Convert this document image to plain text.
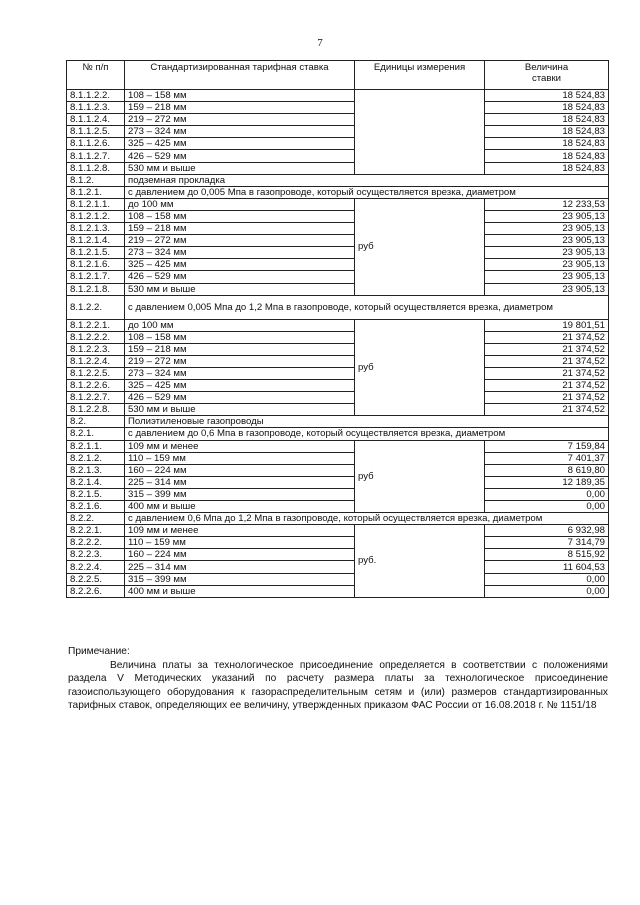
7
№ п/п	Стандартизированная тарифная ставка	Единицы измерения	Величина ставки
8.1.1.2.2.	108 – 158 мм		18 524,83
8.1.1.2.3.	159 – 218 мм		18 524,83
8.1.1.2.4.	219 – 272 мм		18 524,83
8.1.1.2.5.	273 – 324 мм		18 524,83
8.1.1.2.6.	325 – 425 мм		18 524,83
8.1.1.2.7.	426 – 529 мм		18 524,83
8.1.1.2.8.	530 мм и выше		18 524,83
8.1.2.	подземная прокладка		
8.1.2.1.	с давлением до 0,005 Мпа в газопроводе, который осуществляется врезка, диаметром		
8.1.2.1.1.	до 100 мм	руб	12 233,53
8.1.2.1.2.	108 – 158 мм		23 905,13
8.1.2.1.3.	159 – 218 мм		23 905,13
8.1.2.1.4.	219 – 272 мм		23 905,13
8.1.2.1.5.	273 – 324 мм		23 905,13
8.1.2.1.6.	325 – 425 мм		23 905,13
8.1.2.1.7.	426 – 529 мм		23 905,13
8.1.2.1.8.	530 мм и выше		23 905,13
8.1.2.2.	с давлением 0,005 Мпа до 1,2 Мпа в газопроводе, который осуществляется врезка, диаметром		
8.1.2.2.1.	до 100 мм	руб	19 801,51
8.1.2.2.2.	108 – 158 мм		21 374,52
8.1.2.2.3.	159 – 218 мм		21 374,52
8.1.2.2.4.	219 – 272 мм		21 374,52
8.1.2.2.5.	273 – 324 мм		21 374,52
8.1.2.2.6.	325 – 425 мм		21 374,52
8.1.2.2.7.	426 – 529 мм		21 374,52
8.1.2.2.8.	530 мм и выше		21 374,52
8.2.	Полиэтиленовые газопроводы		
8.2.1.	с давлением до 0,6 Мпа в газопроводе, который осуществляется врезка, диаметром		
8.2.1.1.	109 мм и менее	руб	7 159,84
8.2.1.2.	110 – 159 мм		7 401,37
8.2.1.3.	160 – 224 мм		8 619,80
8.2.1.4.	225 – 314 мм		12 189,35
8.2.1.5.	315 – 399 мм		0,00
8.2.1.6.	400 мм и выше		0,00
8.2.2.	с давлением 0,6 Мпа до 1,2 Мпа в газопроводе, который осуществляется врезка, диаметром		
8.2.2.1.	109 мм и менее	руб.	6 932,98
8.2.2.2.	110 – 159 мм		7 314,79
8.2.2.3.	160 – 224 мм		8 515,92
8.2.2.4.	225 – 314 мм		11 604,53
8.2.2.5.	315 – 399 мм		0,00
8.2.2.6.	400 мм и выше		0,00

Примечание:

Величина платы за технологическое присоединение определяется в соответствии с положениями раздела V Методических указаний по расчету размера платы за технологическое присоединение газоиспользующего оборудования к газораспределительным сетям и (или) размеров стандартизированных тарифных ставок, определяющих ее величину, утвержденных приказом ФАС России от 16.08.2018 г. № 1151/18
